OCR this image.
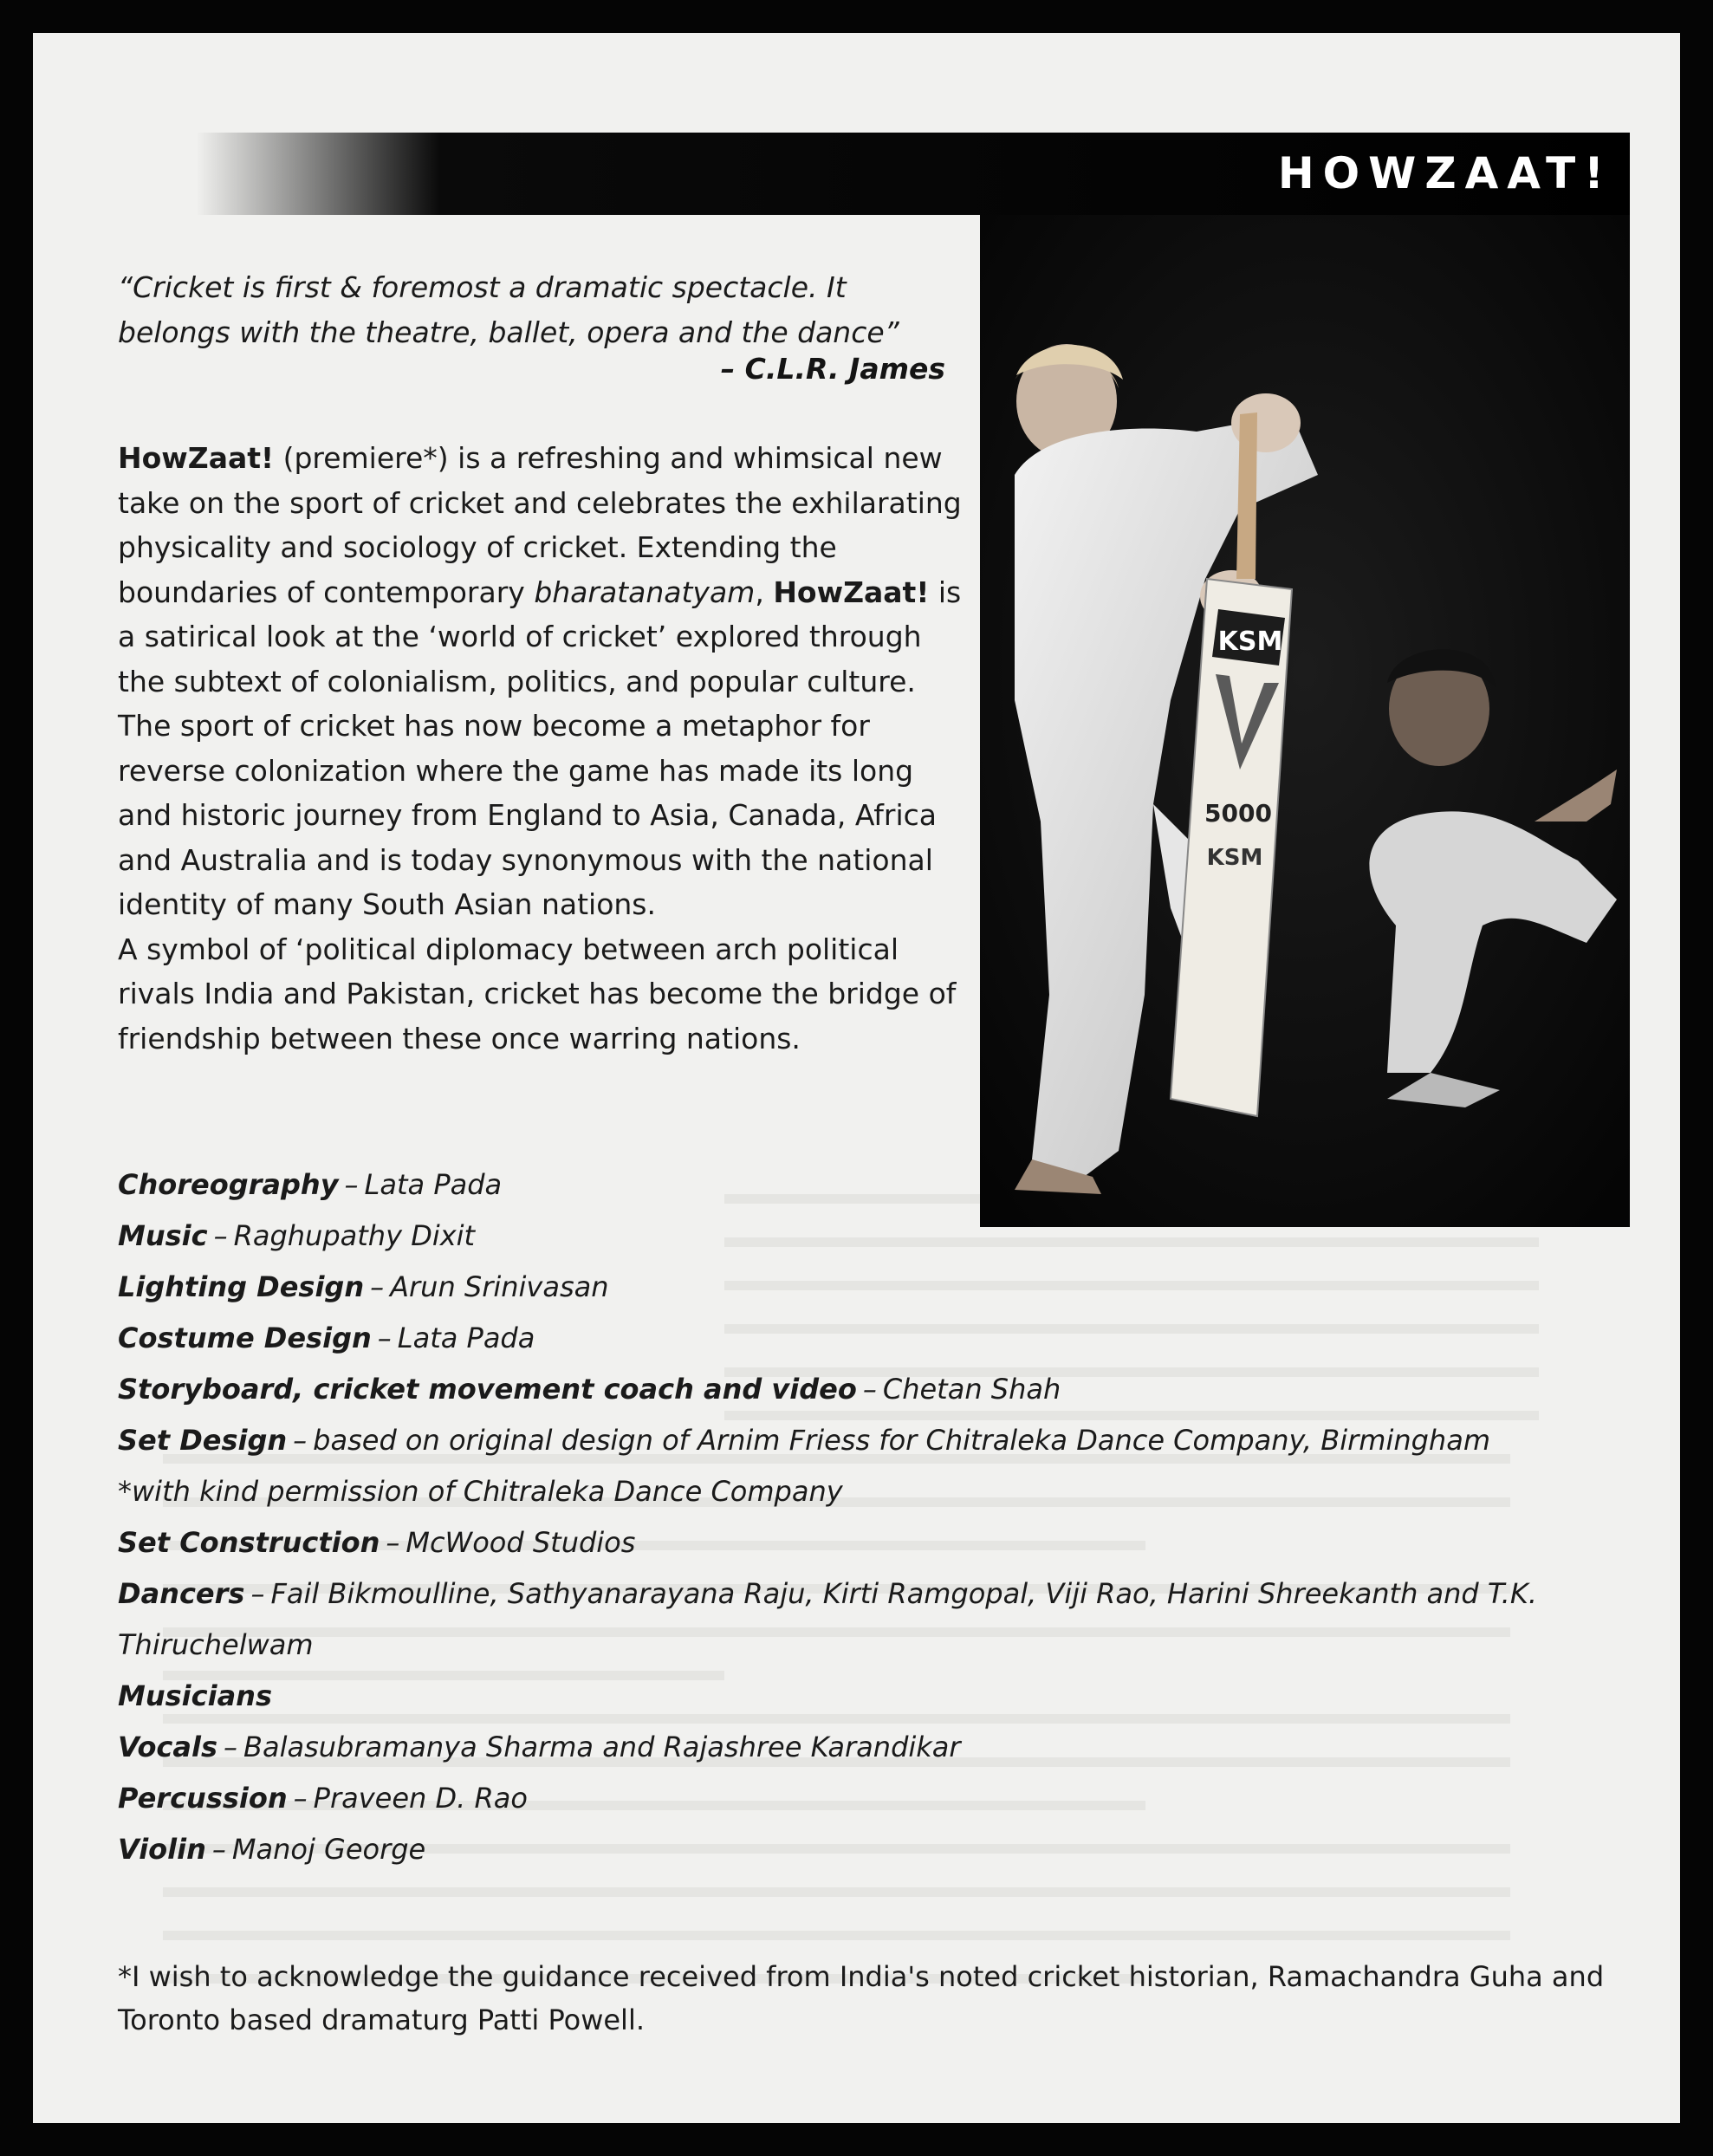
HOWZAAT!
KSM
5000
KSM

“Cricket is first & foremost a dramatic spectacle. It belongs with the theatre, ballet, opera and the dance”

– C.L.R. James

HowZaat! (premiere*) is a refreshing and whimsical new take on the sport of cricket and celebrates the exhilarating physicality and sociology of cricket. Extending the boundaries of contemporary bharatanatyam, HowZaat! is a satirical look at the ‘world of cricket’ explored through the subtext of colonialism, politics, and popular culture. The sport of cricket has now become a metaphor for reverse colonization where the game has made its long and historic journey from England to Asia, Canada, Africa and Australia and is today synonymous with the national identity of many South Asian nations.
A symbol of ‘political diplomacy between arch political rivals India and Pakistan, cricket has become the bridge of friendship between these once warring nations.
Choreography – Lata Pada
Music – Raghupathy Dixit
Lighting Design – Arun Srinivasan
Costume Design – Lata Pada
Storyboard, cricket movement coach and video – Chetan Shah
Set Design – based on original design of Arnim Friess for Chitraleka Dance Company, Birmingham
*with kind permission of Chitraleka Dance Company
Set Construction – McWood Studios
Dancers – Fail Bikmoulline, Sathyanarayana Raju, Kirti Ramgopal, Viji Rao, Harini Shreekanth and T.K. Thiruchelwam
Musicians
Vocals – Balasubramanya Sharma and Rajashree Karandikar
Percussion – Praveen D. Rao
Violin – Manoj George

*I wish to acknowledge the guidance received from India's noted cricket historian, Ramachandra Guha and Toronto based dramaturg Patti Powell.
